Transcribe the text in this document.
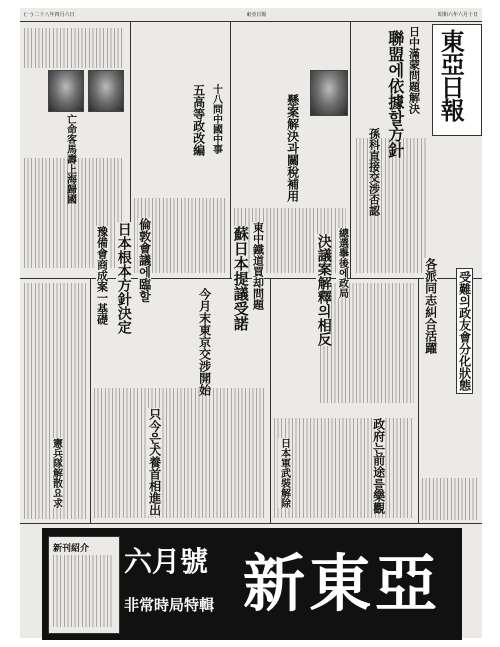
(一) 二十八年四月六日	東亞日報	昭和六年六月十日
東亞日報
日中滿蒙問題解決
聯盟에依據할方針
孫科直接交涉否認
懸案解決과關稅補用
十八問中國中事
五高等政改編
倫敦會議에臨할
日本根本方針決定
豫備會商成案一基礎
亡命客馬壽上海歸國
東中鐵道買却問題
蘇日本提議受諾
今月末東京交涉開始
總選擧後에政局
決議案解釋의相反	受難의政友會分化狀態
各派同志糾合活躍
政府는前途를樂觀
只今은犬養首相進出	日本軍武裝解除
憲兵隊解散요求
新刊紹介 六月號
非常時局特輯 新東亞
